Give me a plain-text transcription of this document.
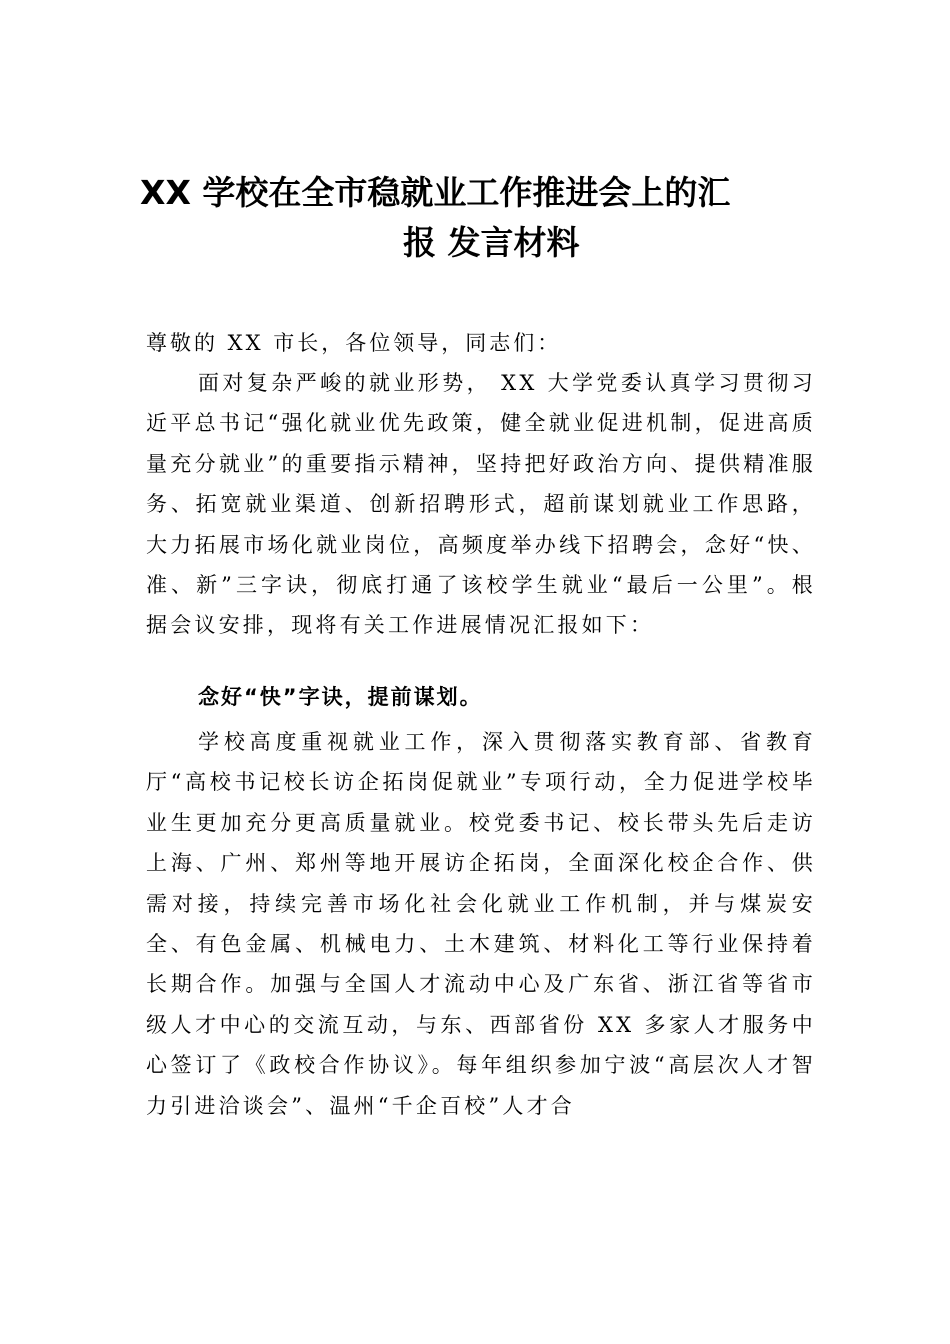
XX 学校在全市稳就业工作推进会上的汇
报 发言材料

尊敬的 XX 市长，各位领导，同志们：

面对复杂严峻的就业形势， XX 大学党委认真学习贯彻习近平总书记“强化就业优先政策，健全就业促进机制，促进高质量充分就业”的重要指示精神，坚持把好政治方向、提供精准服务、拓宽就业渠道、创新招聘形式，超前谋划就业工作思路，大力拓展市场化就业岗位，高频度举办线下招聘会，念好“快、准、新”三字诀，彻底打通了该校学生就业“最后一公里”。根据会议安排，现将有关工作进展情况汇报如下：

念好“快”字诀，提前谋划。

学校高度重视就业工作，深入贯彻落实教育部、省教育厅“高校书记校长访企拓岗促就业”专项行动，全力促进学校毕业生更加充分更高质量就业。校党委书记、校长带头先后走访上海、广州、郑州等地开展访企拓岗，全面深化校企合作、供需对接，持续完善市场化社会化就业工作机制，并与煤炭安全、有色金属、机械电力、土木建筑、材料化工等行业保持着长期合作。加强与全国人才流动中心及广东省、浙江省等省市级人才中心的交流互动，与东、西部省份 XX 多家人才服务中心签订了《政校合作协议》。每年组织参加宁波“高层次人才智力引进洽谈会”、温州“千企百校”人才合
